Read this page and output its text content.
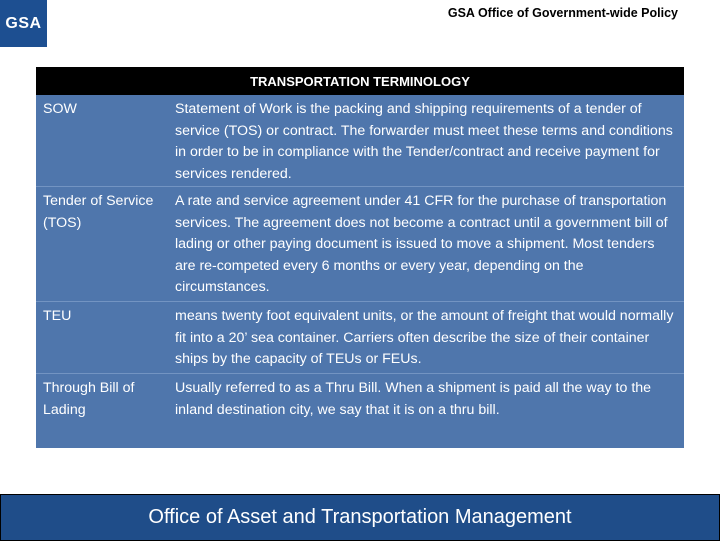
GSA
GSA Office of Government-wide Policy
TRANSPORTATION TERMINOLOGY
SOW	Statement of Work is the packing and shipping requirements of a tender of service (TOS) or contract. The forwarder must meet these terms and conditions in order to be in compliance with the Tender/contract and receive payment for services rendered.
Tender of Service (TOS)
A rate and service agreement under 41 CFR for the purchase of transportation services. The agreement does not become a contract until a government bill of lading or other paying document is issued to move a shipment. Most tenders are re-competed every 6 months or every year, depending on the circumstances.
TEU	means twenty foot equivalent units, or the amount of freight that would normally fit into a 20’ sea container. Carriers often describe the size of their container ships by the capacity of TEUs or FEUs.
Through Bill of Lading
Usually referred to as a Thru Bill. When a shipment is paid all the way to the inland destination city, we say that it is on a thru bill.
Office of Asset and Transportation Management
